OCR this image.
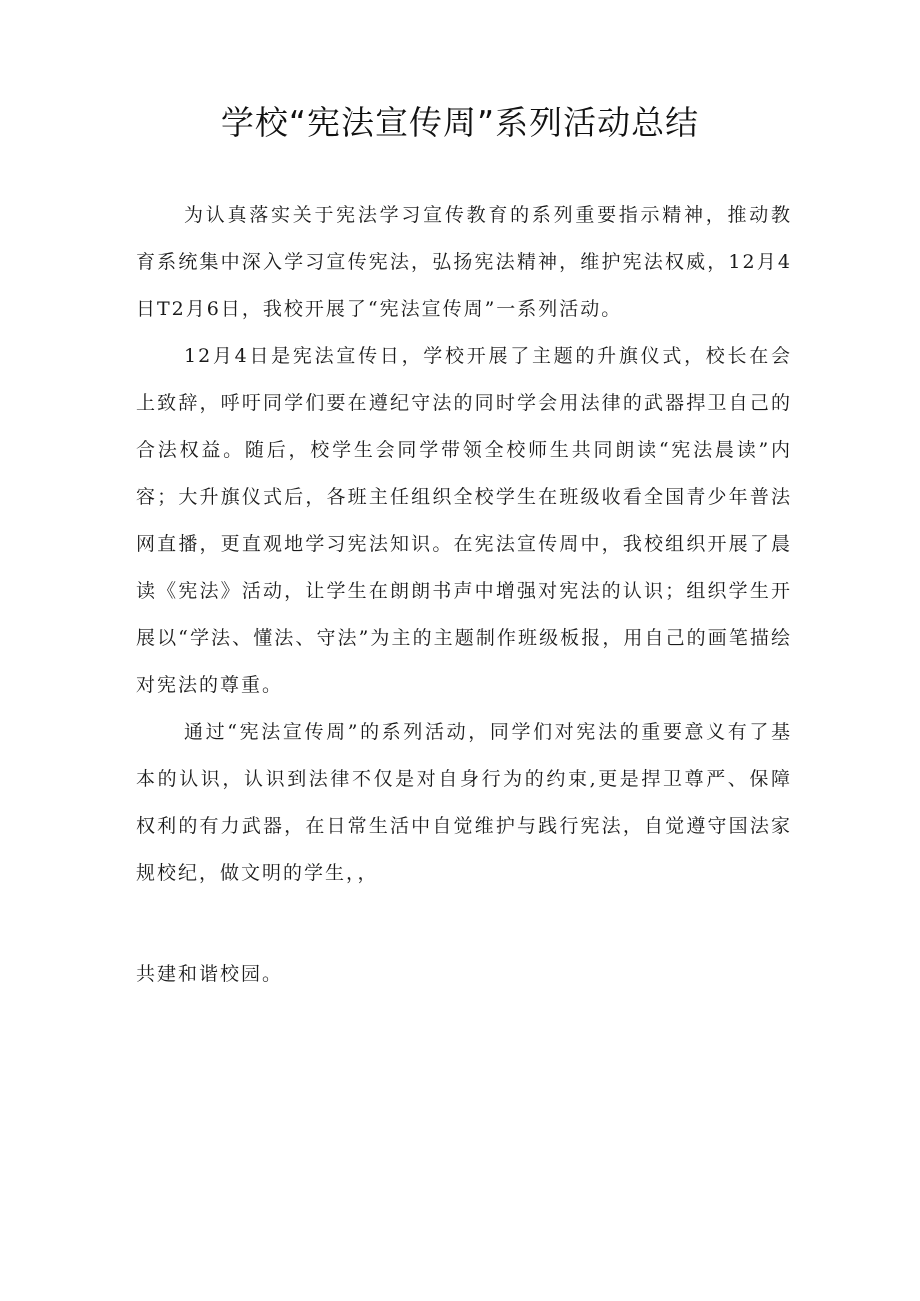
学校“宪法宣传周”系列活动总结

为认真落实关于宪法学习宣传教育的系列重要指示精神，推动教育系统集中深入学习宣传宪法，弘扬宪法精神，维护宪法权威，12月4日T2月6日，我校开展了“宪法宣传周”一系列活动。

12月4日是宪法宣传日，学校开展了主题的升旗仪式，校长在会上致辞，呼吁同学们要在遵纪守法的同时学会用法律的武器捍卫自己的合法权益。随后，校学生会同学带领全校师生共同朗读“宪法晨读”内容；大升旗仪式后，各班主任组织全校学生在班级收看全国青少年普法网直播，更直观地学习宪法知识。在宪法宣传周中，我校组织开展了晨读《宪法》活动，让学生在朗朗书声中增强对宪法的认识；组织学生开展以“学法、懂法、守法”为主的主题制作班级板报，用自己的画笔描绘对宪法的尊重。

通过“宪法宣传周”的系列活动，同学们对宪法的重要意义有了基本的认识，认识到法律不仅是对自身行为的约束,更是捍卫尊严、保障权利的有力武器，在日常生活中自觉维护与践行宪法，自觉遵守国法家规校纪，做文明的学生，，

共建和谐校园。
